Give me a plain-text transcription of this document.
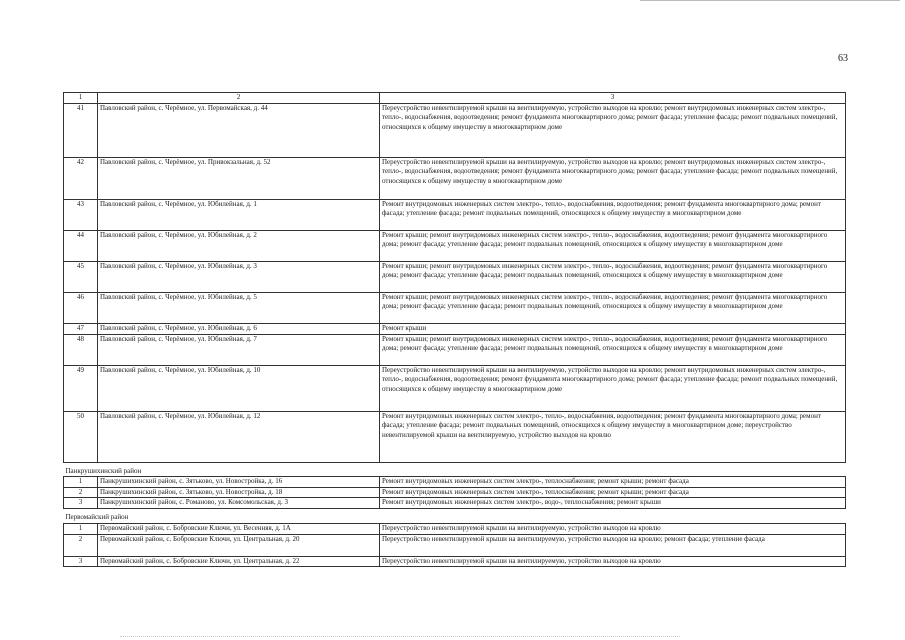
63
1	2	3
41	Павловский район, с. Черёмное, ул. Первомайская, д. 44	Переустройство невентилируемой крыши на вентилируемую, устройство выходов на кровлю; ремонт внутридомовых инженерных систем электро-, тепло-, водоснабжения, водоотведения; ремонт фундамента многоквартирного дома; ремонт фасада; утепление фасада; ремонт подвальных помещений, относящихся к общему имуществу в многоквартирном доме
42	Павловский район, с. Черёмное, ул. Привокзальная, д. 52	Переустройство невентилируемой крыши на вентилируемую, устройство выходов на кровлю; ремонт внутридомовых инженерных систем электро-, тепло-, водоснабжения, водоотведения; ремонт фундамента многоквартирного дома; ремонт фасада; утепление фасада; ремонт подвальных помещений, относящихся к общему имуществу в многоквартирном доме
43	Павловский район, с. Черёмное, ул. Юбилейная, д. 1	Ремонт внутридомовых инженерных систем электро-, тепло-, водоснабжения, водоотведения; ремонт фундамента многоквартирного дома; ремонт фасада; утепление фасада; ремонт подвальных помещений, относящихся к общему имуществу в многоквартирном доме
44	Павловский район, с. Черёмное, ул. Юбилейная, д. 2	Ремонт крыши; ремонт внутридомовых инженерных систем электро-, тепло-, водоснабжения, водоотведения; ремонт фундамента многоквартирного дома; ремонт фасада; утепление фасада; ремонт подвальных помещений, относящихся к общему имуществу в многоквартирном доме
45	Павловский район, с. Черёмное, ул. Юбилейная, д. 3	Ремонт крыши; ремонт внутридомовых инженерных систем электро-, тепло-, водоснабжения, водоотведения; ремонт фундамента многоквартирного дома; ремонт фасада; утепление фасада; ремонт подвальных помещений, относящихся к общему имуществу в многоквартирном доме
46	Павловский район, с. Черёмное, ул. Юбилейная, д. 5	Ремонт крыши; ремонт внутридомовых инженерных систем электро-, тепло-, водоснабжения, водоотведения; ремонт фундамента многоквартирного дома; ремонт фасада; утепление фасада; ремонт подвальных помещений, относящихся к общему имуществу в многоквартирном доме
47	Павловский район, с. Черёмное, ул. Юбилейная, д. 6	Ремонт крыши
48	Павловский район, с. Черёмное, ул. Юбилейная, д. 7	Ремонт крыши; ремонт внутридомовых инженерных систем электро-, тепло-, водоснабжения, водоотведения; ремонт фундамента многоквартирного дома; ремонт фасада; утепление фасада; ремонт подвальных помещений, относящихся к общему имуществу в многоквартирном доме
49	Павловский район, с. Черёмное, ул. Юбилейная, д. 10	Переустройство невентилируемой крыши на вентилируемую, устройство выходов на кровлю; ремонт внутридомовых инженерных систем электро-, тепло-, водоснабжения, водоотведения; ремонт фундамента многоквартирного дома; ремонт фасада; утепление фасада; ремонт подвальных помещений, относящихся к общему имуществу в многоквартирном доме
50	Павловский район, с. Черёмное, ул. Юбилейная, д. 12	Ремонт внутридомовых инженерных систем электро-, тепло-, водоснабжения, водоотведения; ремонт фундамента многоквартирного дома; ремонт фасада; утепление фасада; ремонт подвальных помещений, относящихся к общему имуществу в многоквартирном доме; переустройство невентилируемой крыши на вентилируемую, устройство выходов на кровлю
Панкрушихинский район		
1	Панкрушихинский район, с. Зятьково, ул. Новостройка, д. 16	Ремонт внутридомовых инженерных систем электро-, теплоснабжения; ремонт крыши; ремонт фасада
2	Панкрушихинский район, с. Зятьково, ул. Новостройка, д. 18	Ремонт внутридомовых инженерных систем электро-, теплоснабжения; ремонт крыши; ремонт фасада
3	Панкрушихинский район, с. Романово, ул. Комсомольская, д. 3	Ремонт внутридомовых инженерных систем электро-, водо-, теплоснабжения; ремонт крыши
Первомайский район		
1	Первомайский район, с. Бобровские Ключи, ул. Весенняя, д. 1А	Переустройство невентилируемой крыши на вентилируемую, устройство выходов на кровлю
2	Первомайский район, с. Бобровские Ключи, ул. Центральная, д. 20	Переустройство невентилируемой крыши на вентилируемую, устройство выходов на кровлю; ремонт фасада; утепление фасада
3	Первомайский район, с. Бобровские Ключи, ул. Центральная, д. 22	Переустройство невентилируемой крыши на вентилируемую, устройство выходов на кровлю
